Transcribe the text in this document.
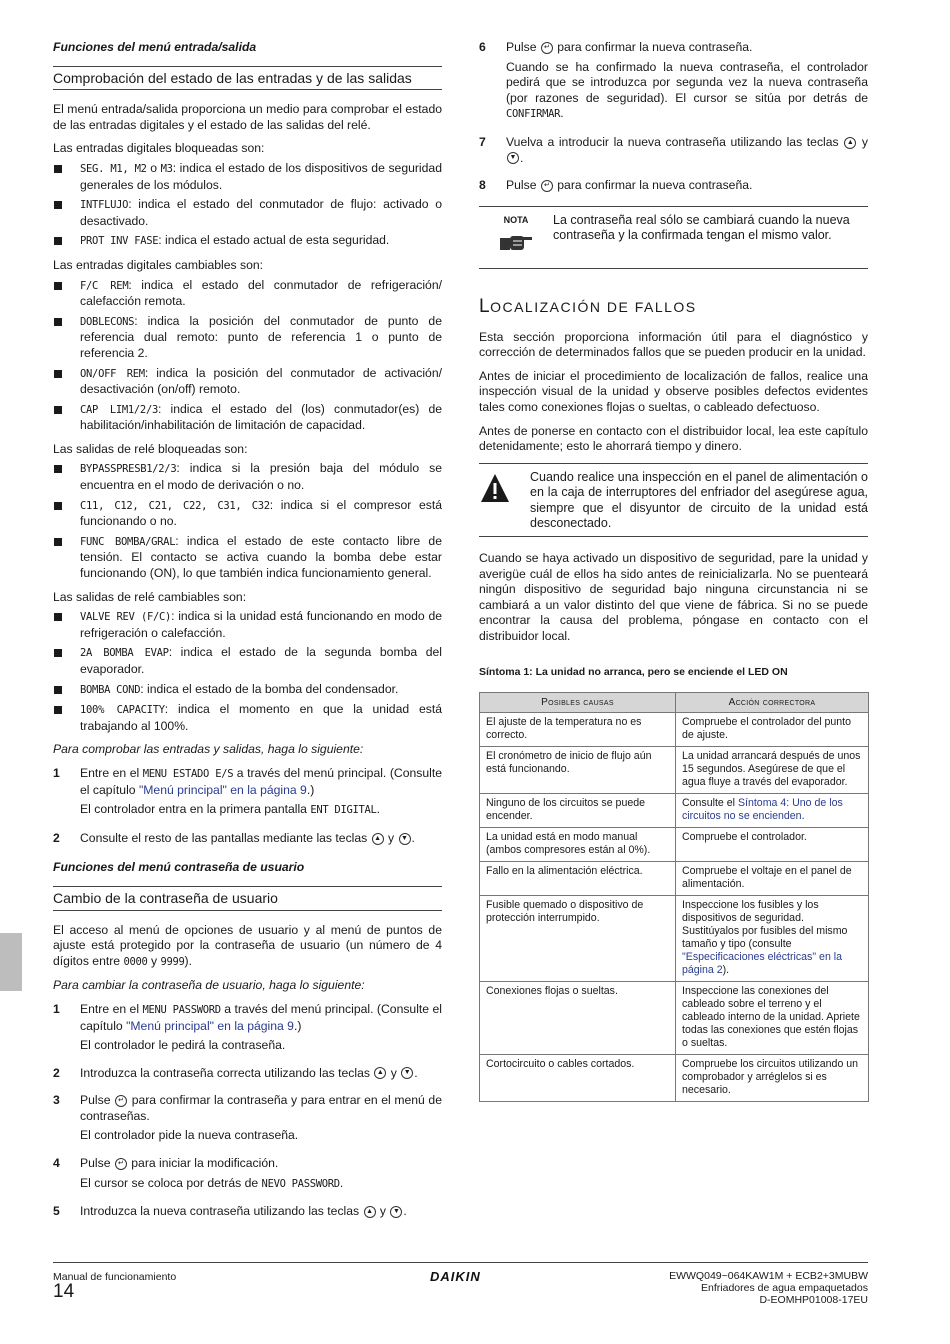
Funciones del menú entrada/salida
Comprobación del estado de las entradas y de las salidas

El menú entrada/salida proporciona un medio para comprobar el estado de las entradas digitales y el estado de las salidas del relé.

Las entradas digitales bloqueadas son:

SEG. M1, M2 o M3: indica el estado de los dispositivos de seguridad generales de los módulos.
INTFLUJO: indica el estado del conmutador de flujo: activado o desactivado.
PROT INV FASE: indica el estado actual de esta seguridad.

Las entradas digitales cambiables son:

F/C REM: indica el estado del conmutador de refrigeración/ calefacción remota.
DOBLECONS: indica la posición del conmutador de punto de referencia dual remoto: punto de referencia 1 o punto de referencia 2.
ON/OFF REM: indica la posición del conmutador de activación/ desactivación (on/off) remoto.
CAP LIM1/2/3: indica el estado del (los) conmutador(es) de habilitación/inhabilitación de limitación de capacidad.

Las salidas de relé bloqueadas son:

BYPASSPRESB1/2/3: indica si la presión baja del módulo se encuentra en el modo de derivación o no.
C11, C12, C21, C22, C31, C32: indica si el compresor está funcionando o no.
FUNC BOMBA/GRAL: indica el estado de este contacto libre de tensión. El contacto se activa cuando la bomba debe estar funcionando (ON), lo que también indica funcionamiento general.

Las salidas de relé cambiables son:

VALVE REV (F/C): indica si la unidad está funcionando en modo de refrigeración o calefacción.
2A BOMBA EVAP: indica el estado de la segunda bomba del evaporador.
BOMBA COND: indica el estado de la bomba del condensador.
100% CAPACITY: indica el momento en que la unidad está trabajando al 100%.

Para comprobar las entradas y salidas, haga lo siguiente:

1 Entre en el MENU ESTADO E/S a través del menú principal. (Consulte el capítulo "Menú principal" en la página 9.)

El controlador entra en la primera pantalla ENT DIGITAL.

2 Consulte el resto de las pantallas mediante las teclas ▲ y ▼ .
Funciones del menú contraseña de usuario
Cambio de la contraseña de usuario

El acceso al menú de opciones de usuario y al menú de puntos de ajuste está protegido por la contraseña de usuario (un número de 4 dígitos entre 0000 y 9999).

Para cambiar la contraseña de usuario, haga lo siguiente:

1 Entre en el MENU PASSWORD a través del menú principal. (Consulte el capítulo "Menú principal" en la página 9.)

El controlador le pedirá la contraseña.

2 Introduzca la contraseña correcta utilizando las teclas ▲ y ▼ .
3 Pulse ↵ para confirmar la contraseña y para entrar en el menú de contraseñas.

El controlador pide la nueva contraseña.

4 Pulse ↵ para iniciar la modificación.

El cursor se coloca por detrás de NEVO PASSWORD.

5 Introduzca la nueva contraseña utilizando las teclas ▲ y ▼ .
6 Pulse ↵ para confirmar la nueva contraseña.

Cuando se ha confirmado la nueva contraseña, el controlador pedirá que se introduzca por segunda vez la nueva contraseña (por razones de seguridad). El cursor se sitúa por detrás de CONFIRMAR.

7 Vuelva a introducir la nueva contraseña utilizando las teclas ▲ y ▼ .
8 Pulse ↵ para confirmar la nueva contraseña.
NOTA	La contraseña real sólo se cambiará cuando la nueva contraseña y la confirmada tengan el mismo valor.
LOCALIZACIÓN DE FALLOS

Esta sección proporciona información útil para el diagnóstico y corrección de determinados fallos que se pueden producir en la unidad.

Antes de iniciar el procedimiento de localización de fallos, realice una inspección visual de la unidad y observe posibles defectos evidentes tales como conexiones flojas o sueltas, o cableado defectuoso.

Antes de ponerse en contacto con el distribuidor local, lea este capítulo detenidamente; esto le ahorrará tiempo y dinero.

Cuando realice una inspección en el panel de alimentación o en la caja de interruptores del enfriador del asegúrese agua, siempre que el disyuntor de circuito de la unidad está desconectado.

Cuando se haya activado un dispositivo de seguridad, pare la unidad y averigüe cuál de ellos ha sido antes de reinicializarla. No se puenteará ningún dispositivo de seguridad bajo ninguna circunstancia ni se cambiará a un valor distinto del que viene de fábrica. Si no se puede encontrar la causa del problema, póngase en contacto con el distribuidor local.

Síntoma 1: La unidad no arranca, pero se enciende el LED ON
Posibles causas	Acción correctora
El ajuste de la temperatura no es correcto.	Compruebe el controlador del punto de ajuste.
El cronómetro de inicio de flujo aún está funcionando.	La unidad arrancará después de unos 15 segundos. Asegúrese de que el agua fluye a través del evaporador.
Ninguno de los circuitos se puede encender.	Consulte el Síntoma 4: Uno de los circuitos no se encienden.
La unidad está en modo manual (ambos compresores están al 0%).	Compruebe el controlador.
Fallo en la alimentación eléctrica.	Compruebe el voltaje en el panel de alimentación.
Fusible quemado o dispositivo de protección interrumpido.	Inspeccione los fusibles y los dispositivos de seguridad. Sustitúyalos por fusibles del mismo tamaño y tipo (consulte "Especificaciones eléctricas" en la página 2).
Conexiones flojas o sueltas.	Inspeccione las conexiones del cableado sobre el terreno y el cableado interno de la unidad. Apriete todas las conexiones que estén flojas o sueltas.
Cortocircuito o cables cortados.	Compruebe los circuitos utilizando un comprobador y arréglelos si es necesario.
Manual de funcionamiento
14
DAIKIN	EWWQ049~064KAW1M + ECB2+3MUBW
Enfriadores de agua empaquetados
D-EOMHP01008-17EU
